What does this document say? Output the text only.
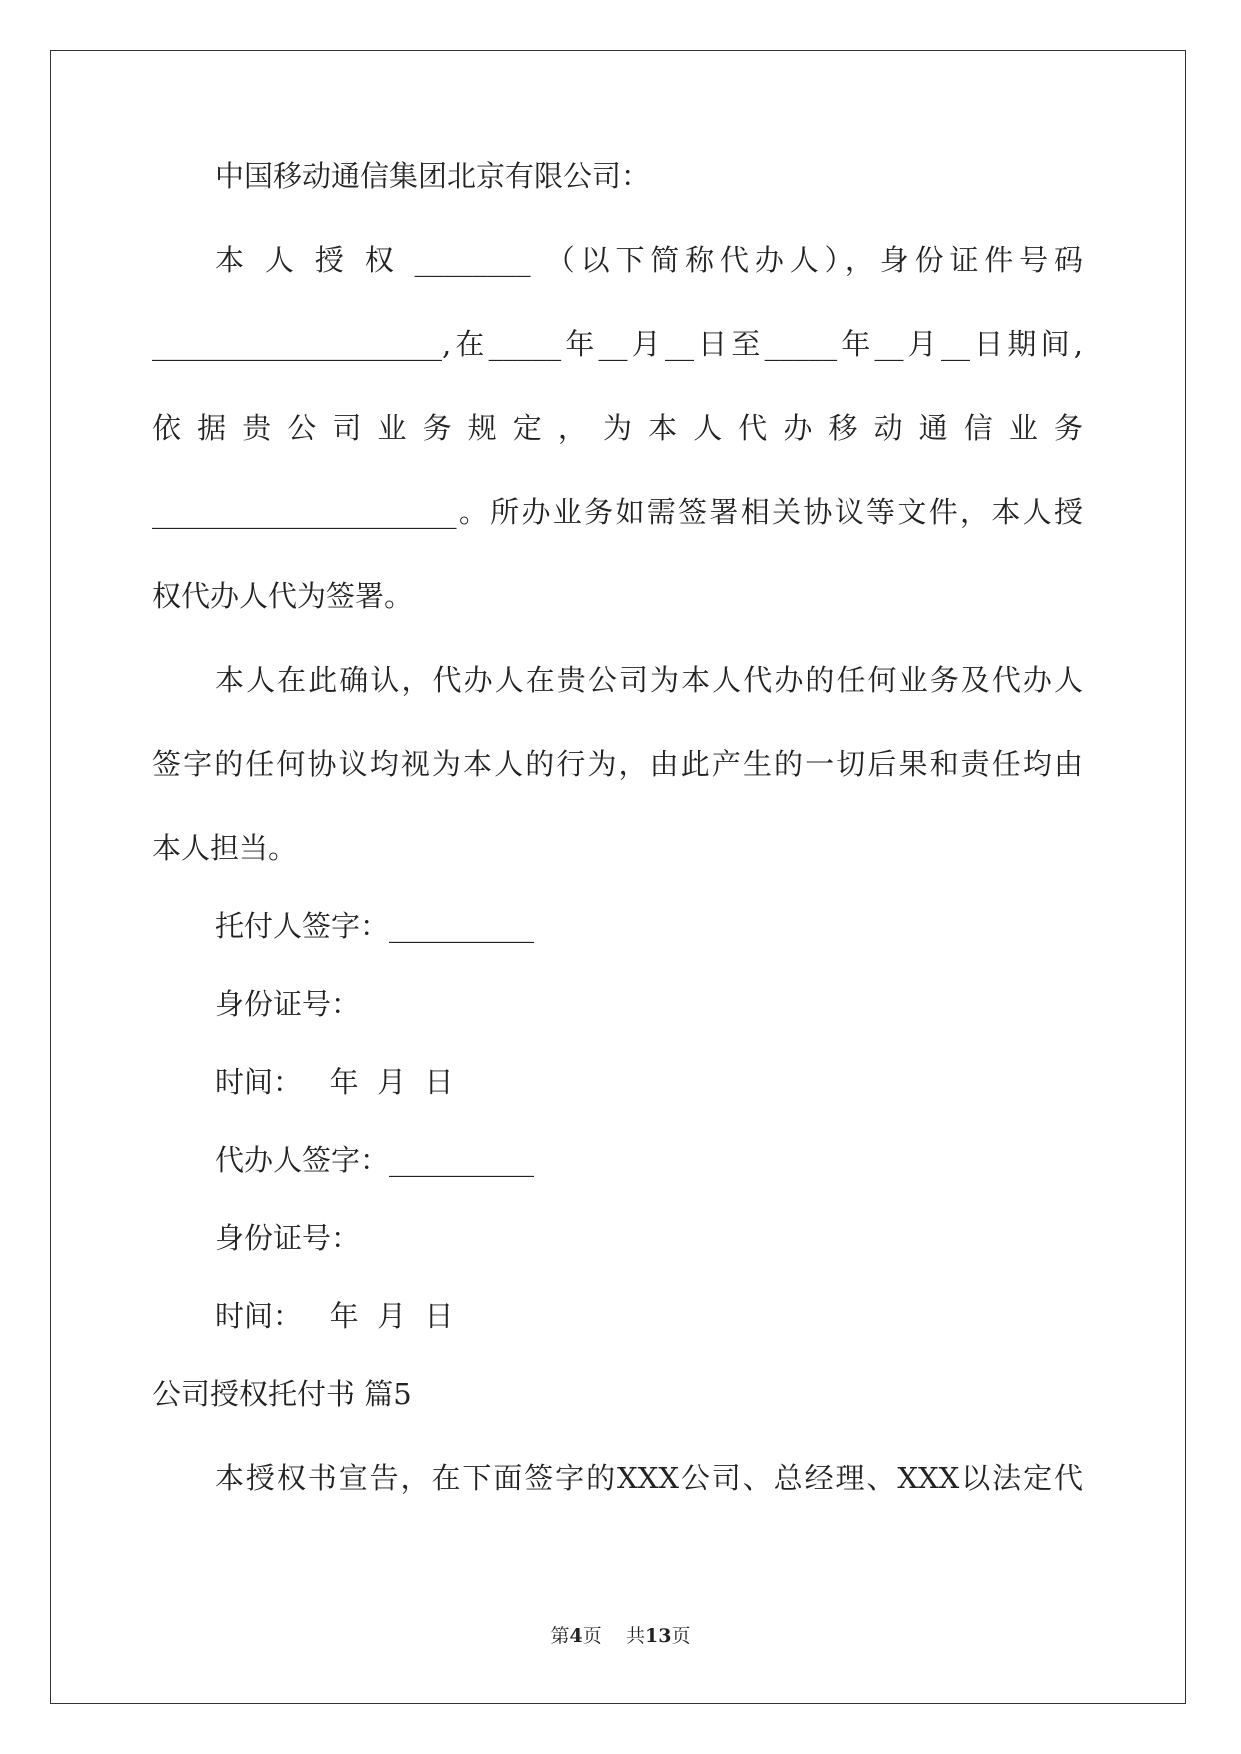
中国移动通信集团北京有限公司：
本 人 授 权 ________ （以下简称代办人），身份证件号码
____________________,在_____年__月__日至_____年__月__日期间,
依据贵公司业务规定，为本人代办移动通信业务
_____________________。所办业务如需签署相关协议等文件，本人授
权代办人代为签署。
本人在此确认，代办人在贵公司为本人代办的任何业务及代办人
签字的任何协议均视为本人的行为，由此产生的一切后果和责任均由
本人担当。
托付人签字：__________
身份证号：
时间：   年  月  日
代办人签字：__________
身份证号：
时间：   年  月  日
公司授权托付书 篇5
本授权书宣告，在下面签字的XXX公司、总经理、XXX以法定代
第4页 共13页
